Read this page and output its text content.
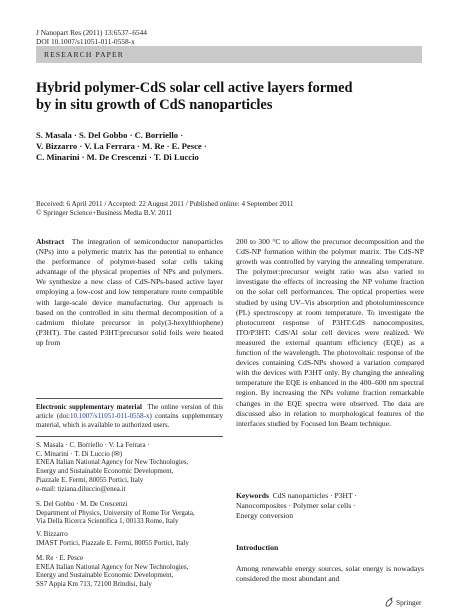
J Nanopart Res (2011) 13:6537–6544
DOI 10.1007/s11051-011-0558-x
RESEARCH PAPER
Hybrid polymer-CdS solar cell active layers formed
by in situ growth of CdS nanoparticles
S. Masala · S. Del Gobbo · C. Borriello ·
V. Bizzarro · V. La Ferrara · M. Re · E. Pesce ·
C. Minarini · M. De Crescenzi · T. Di Luccio
Received: 6 April 2011 / Accepted: 22 August 2011 / Published online: 4 September 2011
© Springer Science+Business Media B.V. 2011
Abstract The integration of semiconductor nanoparticles (NPs) into a polymeric matrix has the potential to enhance the performance of polymer-based solar cells taking advantage of the physical properties of NPs and polymers. We synthesize a new class of CdS-NPs-based active layer employing a low-cost and low temperature route compatible with large-scale device manufacturing. Our approach is based on the controlled in situ thermal decomposition of a cadmium thiolate precursor in poly(3-hexylthiophene) (P3HT). The casted P3HT:precursor solid foils were heated up from
200 to 300 °C to allow the precursor decomposition and the CdS-NP formation within the polymer matrix. The CdS-NP growth was controlled by varying the annealing temperature. The polymer:precursor weight ratio was also varied to investigate the effects of increasing the NP volume fraction on the solar cell performances. The optical properties were studied by using UV–Vis absorption and photoluminescence (PL) spectroscopy at room temperature. To investigate the photocurrent response of P3HT:CdS nanocomposites, ITO/P3HT: CdS/Al solar cell devices were realized. We measured the external quantum efficiency (EQE) as a function of the wavelength. The photovoltaic response of the devices containing CdS-NPs showed a variation compared with the devices with P3HT only. By changing the annealing temperature the EQE is enhanced in the 400–600 nm spectral region. By increasing the NPs volume fraction remarkable changes in the EQE spectra were observed. The data are discussed also in relation to morphological features of the interfaces studied by Focused Ion Beam technique.
Electronic supplementary material The online version of this article (doi:10.1007/s11051-011-0558-x) contains supplementary material, which is available to authorized users.
S. Masala · C. Borriello · V. La Ferrara ·
C. Minarini · T. Di Luccio (✉)
ENEA Italian National Agency for New Technologies,
Energy and Sustainable Economic Development,
Piazzale E. Fermi, 80055 Portici, Italy
e-mail: tiziana.diluccio@enea.it
S. Del Gobbo · M. De Crescenzi
Department of Physics, University of Rome Tor Vergata,
Via Della Ricerca Scientifica 1, 00133 Rome, Italy
V. Bizzarro
IMAST Portici, Piazzale E. Fermi, 80055 Portici, Italy
M. Re · E. Pesce
ENEA Italian National Agency for New Technologies,
Energy and Sustainable Economic Development,
SS7 Appia Km 713, 72100 Brindisi, Italy
Keywords CdS nanoparticles · P3HT ·
Nanocomposites · Polymer solar cells ·
Energy conversion
Introduction
Among renewable energy sources, solar energy is nowadays considered the most abundant and
Springer
